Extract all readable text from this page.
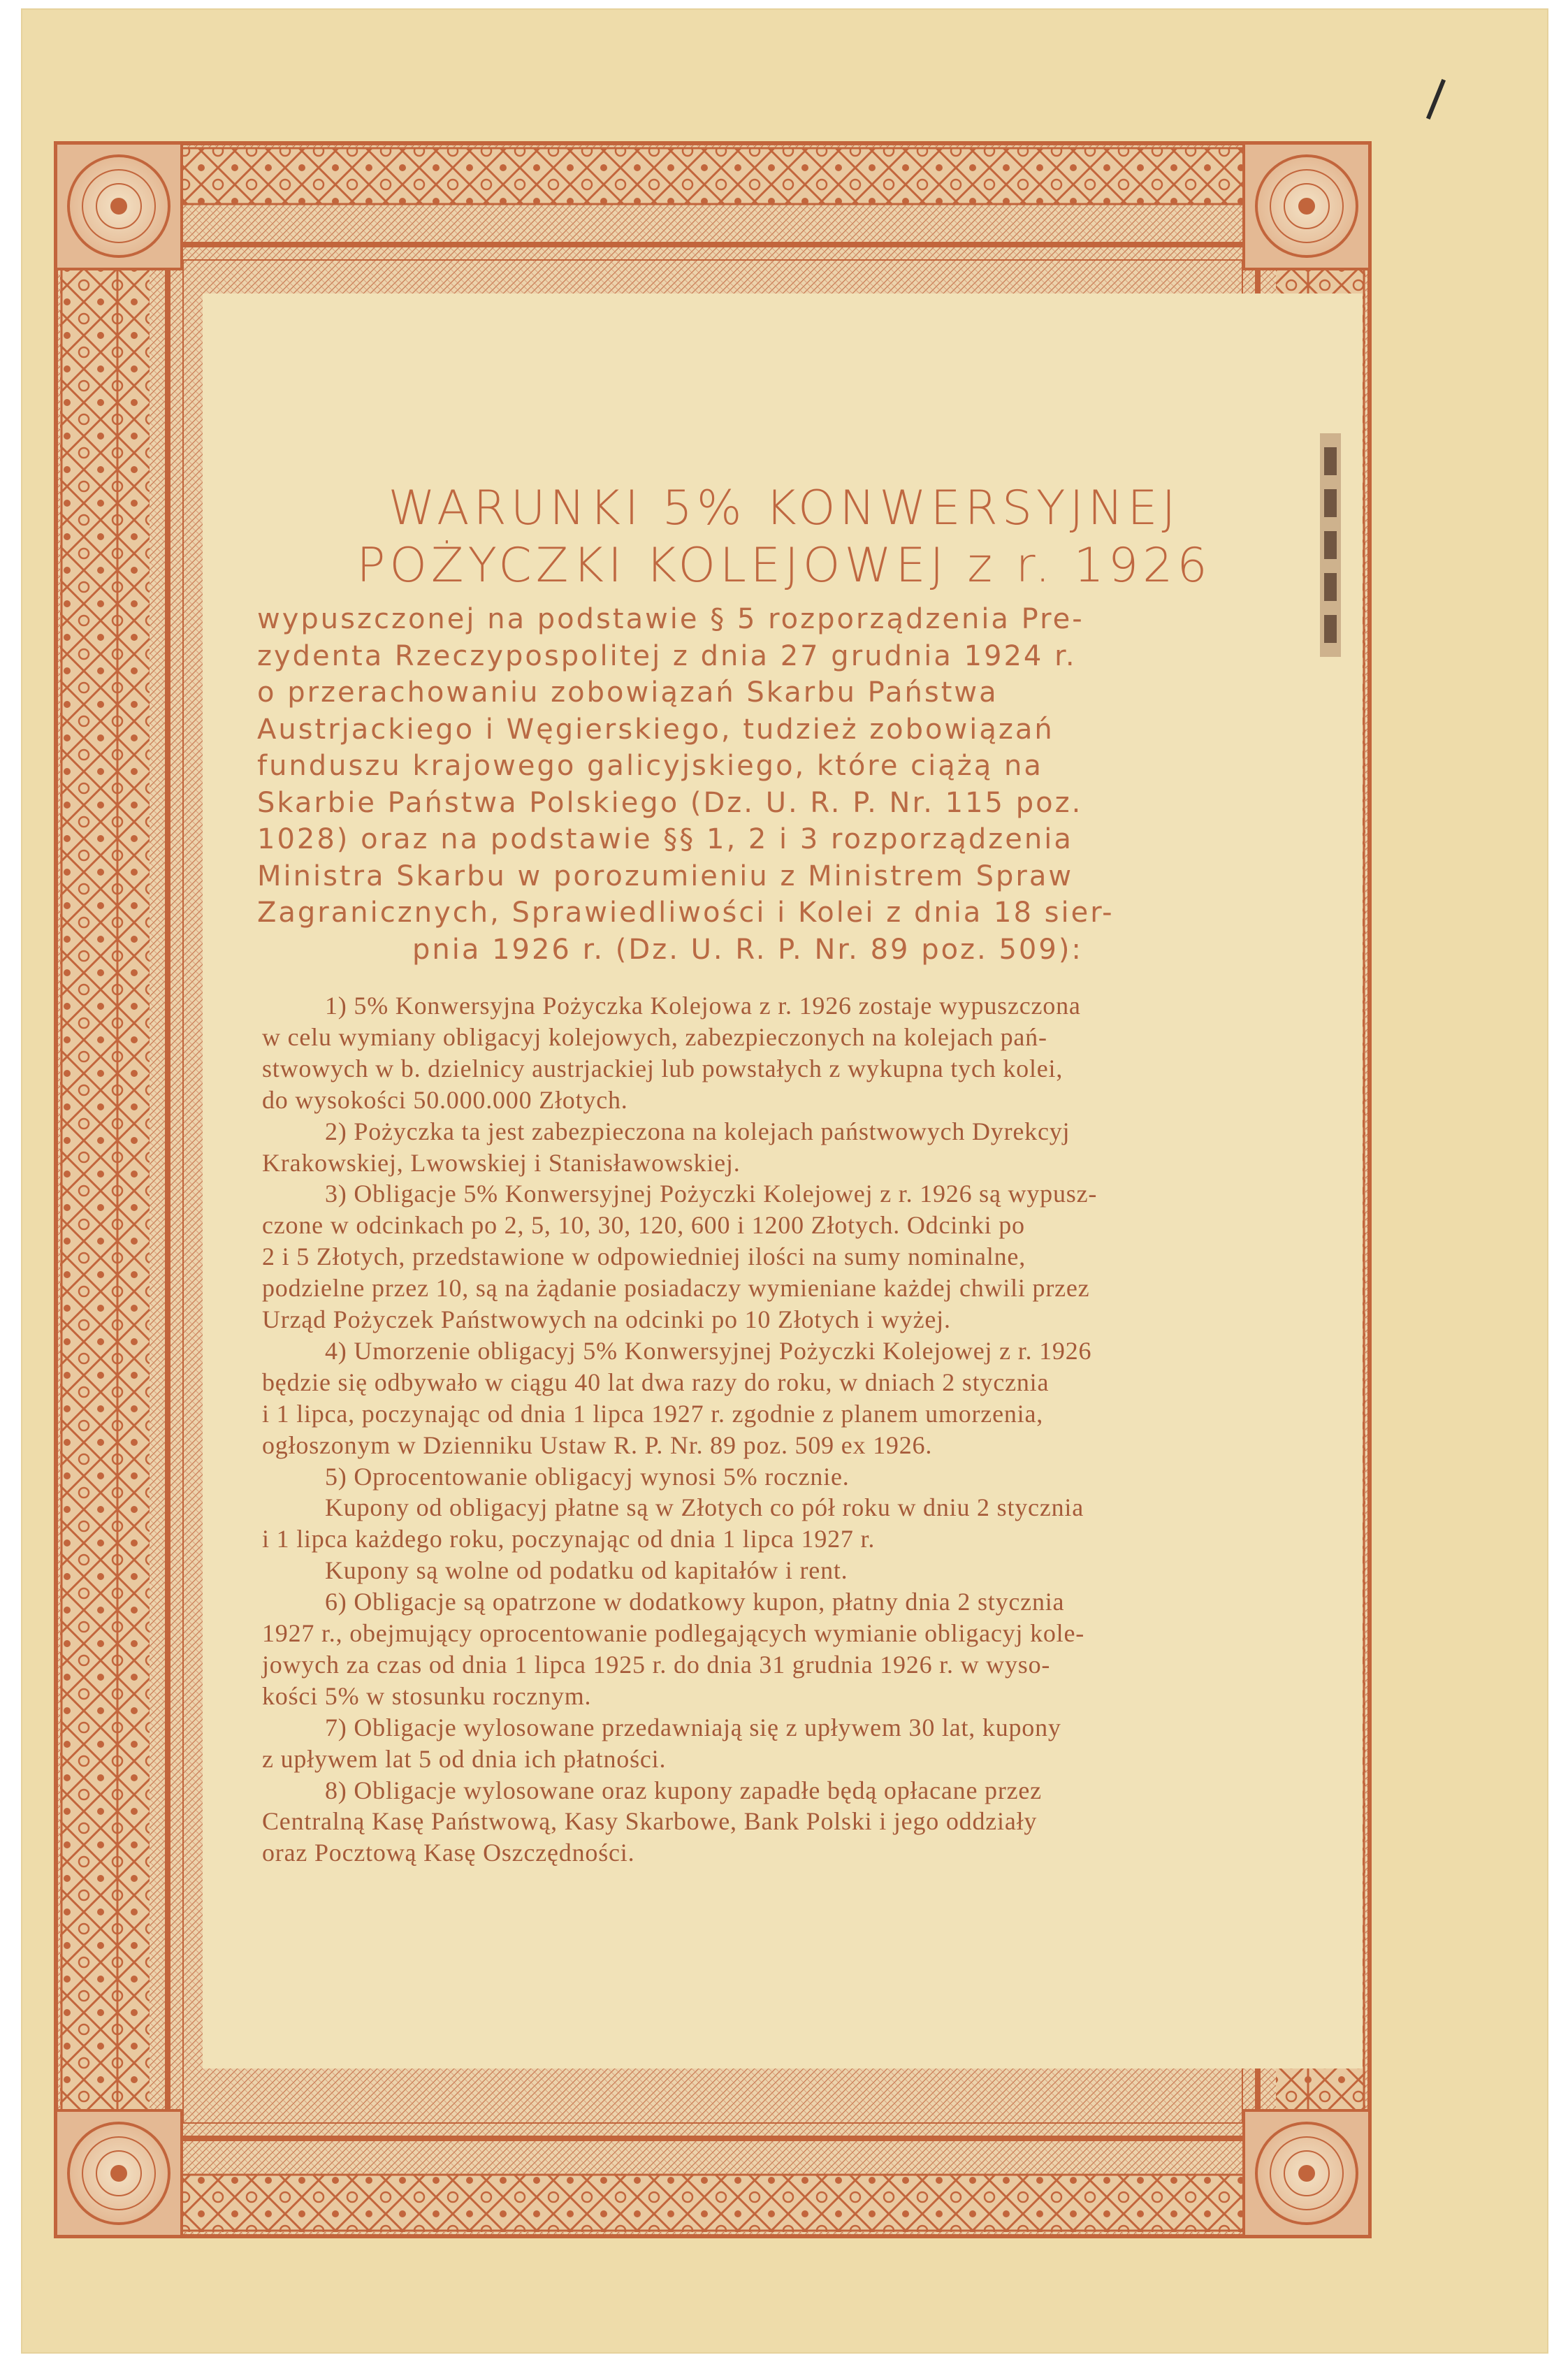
WARUNKI 5% KONWERSYJNEJ
POŻYCZKI KOLEJOWEJ z r. 1926
wypuszczonej na podstawie § 5 rozporządzenia Pre-
zydenta Rzeczypospolitej z dnia 27 grudnia 1924 r.
o przerachowaniu zobowiązań Skarbu Państwa
Austrjackiego i Węgierskiego, tudzież zobowiązań
funduszu krajowego galicyjskiego, które ciążą na
Skarbie Państwa Polskiego (Dz. U. R. P. Nr. 115 poz.
1028) oraz na podstawie §§ 1, 2 i 3 rozporządzenia
Ministra Skarbu w porozumieniu z Ministrem Spraw
Zagranicznych, Sprawiedliwości i Kolei z dnia 18 sier-
pnia 1926 r. (Dz. U. R. P. Nr. 89 poz. 509):
1) 5% Konwersyjna Pożyczka Kolejowa z r. 1926 zostaje wypuszczona
w celu wymiany obligacyj kolejowych, zabezpieczonych na kolejach pań-
stwowych w b. dzielnicy austrjackiej lub powstałych z wykupna tych kolei,
do wysokości 50.000.000 Złotych.
2) Pożyczka ta jest zabezpieczona na kolejach państwowych Dyrekcyj
Krakowskiej, Lwowskiej i Stanisławowskiej.
3) Obligacje 5% Konwersyjnej Pożyczki Kolejowej z r. 1926 są wypusz-
czone w odcinkach po 2, 5, 10, 30, 120, 600 i 1200 Złotych. Odcinki po
2 i 5 Złotych, przedstawione w odpowiedniej ilości na sumy nominalne,
podzielne przez 10, są na żądanie posiadaczy wymieniane każdej chwili przez
Urząd Pożyczek Państwowych na odcinki po 10 Złotych i wyżej.
4) Umorzenie obligacyj 5% Konwersyjnej Pożyczki Kolejowej z r. 1926
będzie się odbywało w ciągu 40 lat dwa razy do roku, w dniach 2 stycznia
i 1 lipca, poczynając od dnia 1 lipca 1927 r. zgodnie z planem umorzenia,
ogłoszonym w Dzienniku Ustaw R. P. Nr. 89 poz. 509 ex 1926.
5) Oprocentowanie obligacyj wynosi 5% rocznie.
Kupony od obligacyj płatne są w Złotych co pół roku w dniu 2 stycznia
i 1 lipca każdego roku, poczynając od dnia 1 lipca 1927 r.
Kupony są wolne od podatku od kapitałów i rent.
6) Obligacje są opatrzone w dodatkowy kupon, płatny dnia 2 stycznia
1927 r., obejmujący oprocentowanie podlegających wymianie obligacyj kole-
jowych za czas od dnia 1 lipca 1925 r. do dnia 31 grudnia 1926 r. w wyso-
kości 5% w stosunku rocznym.
7) Obligacje wylosowane przedawniają się z upływem 30 lat, kupony
z upływem lat 5 od dnia ich płatności.
8) Obligacje wylosowane oraz kupony zapadłe będą opłacane przez
Centralną Kasę Państwową, Kasy Skarbowe, Bank Polski i jego oddziały
oraz Pocztową Kasę Oszczędności.
